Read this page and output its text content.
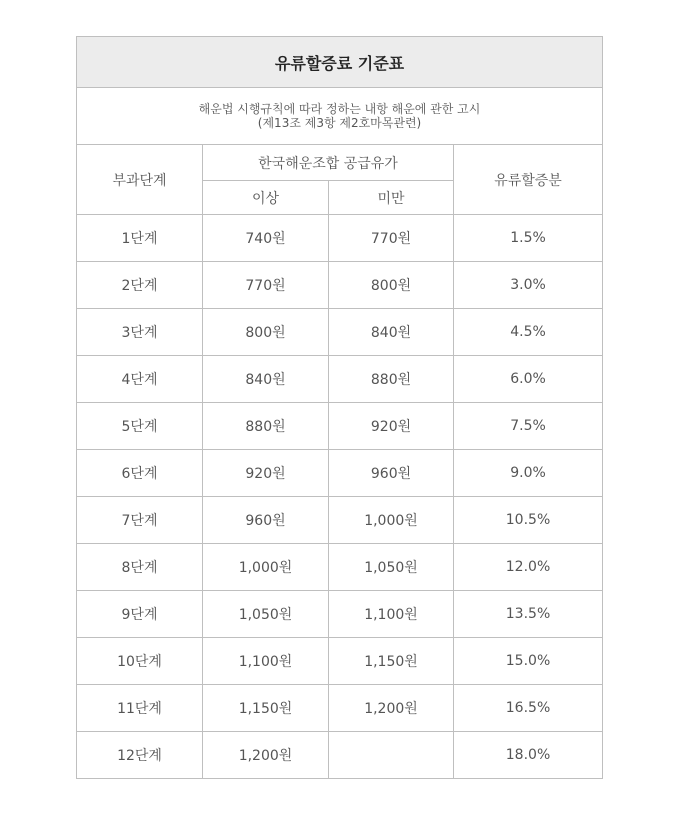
유류할증료 기준표			

해운법 시행규칙에 따라 정하는 내항 해운에 관한 고시
(제13조 제3항 제2호마목관련)			

부과단계	한국해운조합 공급유가		유류할증분
	이상	미만	
1단계	740원	770원	1.5%
2단계	770원	800원	3.0%
3단계	800원	840원	4.5%
4단계	840원	880원	6.0%
5단계	880원	920원	7.5%
6단계	920원	960원	9.0%
7단계	960원	1,000원	10.5%
8단계	1,000원	1,050원	12.0%
9단계	1,050원	1,100원	13.5%
10단계	1,100원	1,150원	15.0%
11단계	1,150원	1,200원	16.5%
12단계	1,200원		18.0%
